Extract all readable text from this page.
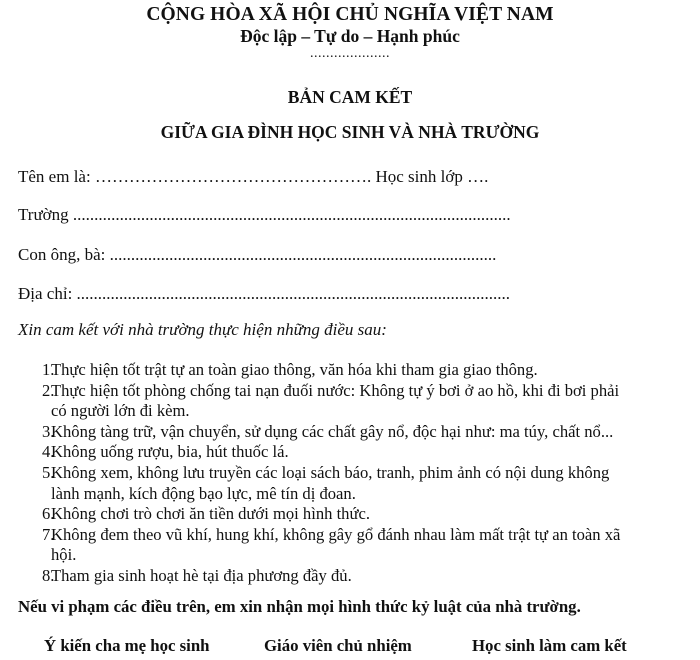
CỘNG HÒA XÃ HỘI CHỦ NGHĨA VIỆT NAM
Độc lập – Tự do – Hạnh phúc
....................
BẢN CAM KẾT
GIỮA GIA ĐÌNH HỌC SINH VÀ NHÀ TRƯỜNG
Tên em là: …………………………………………. Học sinh lớp ….
Trường .......................................................................................................
Con ông, bà: ...........................................................................................
Địa chỉ: ......................................................................................................
Xin cam kết với nhà trường thực hiện những điều sau:
1.
Thực hiện tốt trật tự an toàn giao thông, văn hóa khi tham gia giao thông.
2.
Thực hiện tốt phòng chống tai nạn đuối nước: Không tự ý bơi ở ao hồ, khi đi bơi phải
có người lớn đi kèm.
3.
Không tàng trữ, vận chuyển, sử dụng các chất gây nổ, độc hại như: ma túy, chất nổ...
4.
Không uống rượu, bia, hút thuốc lá.
5.
Không xem, không lưu truyền các loại sách báo, tranh, phim ảnh có nội dung không
lành mạnh, kích động bạo lực, mê tín dị đoan.
6.
Không chơi trò chơi ăn tiền dưới mọi hình thức.
7.
Không đem theo vũ khí, hung khí, không gây gổ đánh nhau làm mất trật tự an toàn xã
hội.
8.
Tham gia sinh hoạt hè tại địa phương đầy đủ.
Nếu vi phạm các điều trên, em xin nhận mọi hình thức kỷ luật của nhà trường.
Ý kiến cha mẹ học sinh	Giáo viên chủ nhiệm	Học sinh làm cam kết
